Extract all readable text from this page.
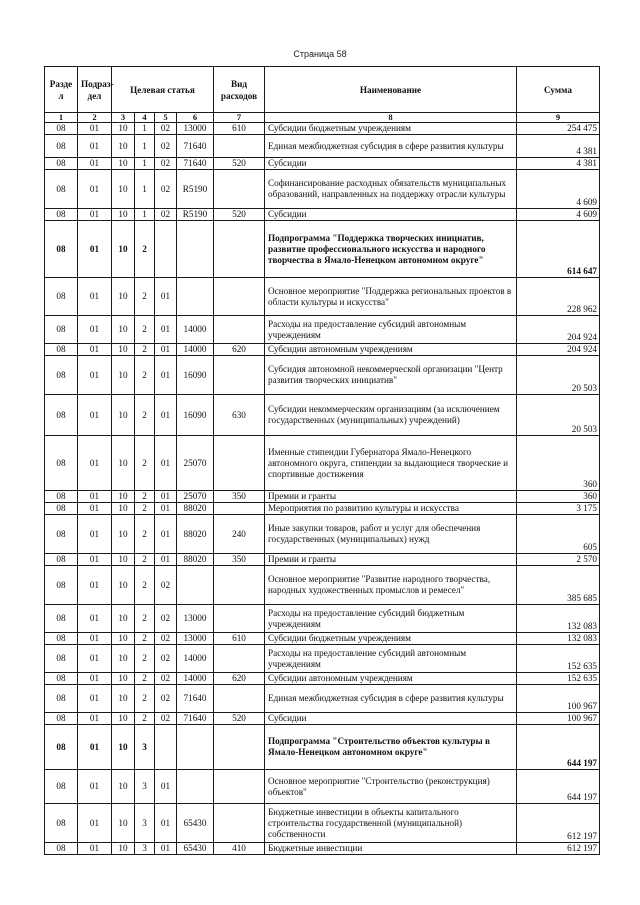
Страница 58
Разде л	Подраз- дел	Целевая статья				Вид расходов	Наименование	Сумма
1	2	3	4	5	6	7	8	9
08	01	10	1	02	13000	610	Субсидии бюджетным учреждениям	254 475
08	01	10	1	02	71640		Единая межбюджетная субсидия в сфере развития культуры	4 381
08	01	10	1	02	71640	520	Субсидии	4 381
08	01	10	1	02	R5190		Софинансирование расходных обязательств муниципальных образований, направленных на поддержку отрасли культуры	4 609
08	01	10	1	02	R5190	520	Субсидии	4 609
08	01	10	2				Подпрограмма "Поддержка творческих инициатив, развитие профессионального искусства и народного творчества в Ямало-Ненецком автономном округе"	614 647
08	01	10	2	01			Основное мероприятие "Поддержка региональных проектов в области культуры и искусства"	228 962
08	01	10	2	01	14000		Расходы на предоставление субсидий автономным учреждениям	204 924
08	01	10	2	01	14000	620	Субсидии автономным учреждениям	204 924
08	01	10	2	01	16090		Субсидия автономной некоммерческой организации "Центр развития творческих инициатив"	20 503
08	01	10	2	01	16090	630	Субсидии некоммерческим организациям (за исключением государственных (муниципальных) учреждений)	20 503
08	01	10	2	01	25070		Именные стипендии Губернатора Ямало-Ненецкого автономного округа, стипендии за выдающиеся творческие и спортивные достижения	360
08	01	10	2	01	25070	350	Премии и гранты	360
08	01	10	2	01	88020		Мероприятия по развитию культуры и искусства	3 175
08	01	10	2	01	88020	240	Иные закупки товаров, работ и услуг для обеспечения государственных (муниципальных) нужд	605
08	01	10	2	01	88020	350	Премии и гранты	2 570
08	01	10	2	02			Основное мероприятие "Развитие народного творчества, народных художественных промыслов и ремесел"	385 685
08	01	10	2	02	13000		Расходы на предоставление субсидий бюджетным учреждениям	132 083
08	01	10	2	02	13000	610	Субсидии бюджетным учреждениям	132 083
08	01	10	2	02	14000		Расходы на предоставление субсидий автономным учреждениям	152 635
08	01	10	2	02	14000	620	Субсидии автономным учреждениям	152 635
08	01	10	2	02	71640		Единая межбюджетная субсидия в сфере развития культуры	100 967
08	01	10	2	02	71640	520	Субсидии	100 967
08	01	10	3				Подпрограмма "Строительство объектов культуры в Ямало-Ненецком автономном округе"	644 197
08	01	10	3	01			Основное мероприятие "Строительство (реконструкция) объектов"	644 197
08	01	10	3	01	65430		Бюджетные инвестиции в объекты капитального строительства государственной (муниципальной) собственности	612 197
08	01	10	3	01	65430	410	Бюджетные инвестиции	612 197
